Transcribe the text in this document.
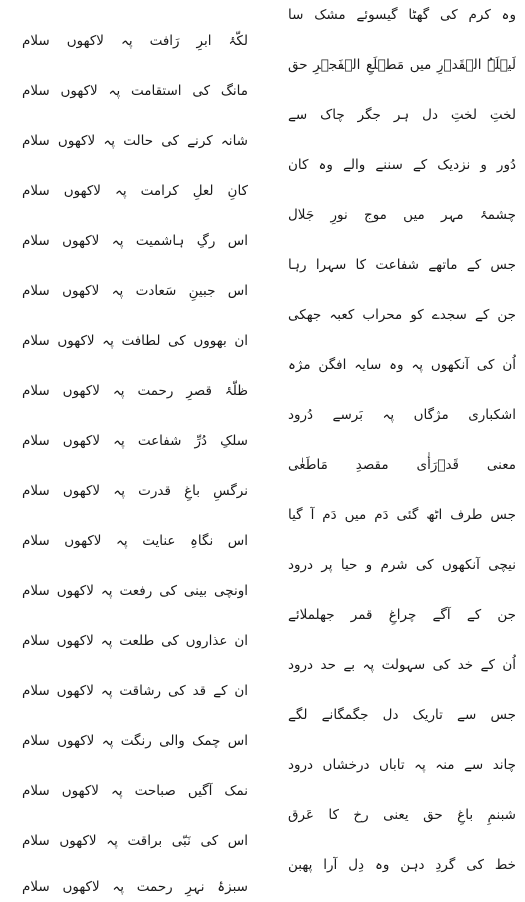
وہ کرم کی گھٹا گیسوئے مشک سا
لَیۡلَۃُ الۡقَدۡرِ میں مَطۡلَعِ الۡفَجۡرِ حق
لختِ لختِ دل ہر جگر چاک سے
دُور و نزدیک کے سننے والے وہ کان
چشمۂ مہر میں موج نورِ جَلال
جس کے ماتھے شفاعت کا سہرا رہا
جن کے سجدے کو محراب کعبہ جھکی
اُن کی آنکھوں پہ وہ سایہ افگن مژہ
اشکباری مژگاں پہ بَرسے دُرود
معنی قَدۡرَأٰی مقصدِ مَاطَغٰی
جس طرف اٹھ گئی دَم میں دَم آ گیا
نیچی آنکھوں کی شرم و حیا پر درود
جن کے آگے چراغِ قمر جھلملائے
اُن کے خد کی سہولت پہ بے حد درود
جس سے تاریک دل جگمگانے لگے
چاند سے منہ پہ تاباں درخشاں درود
شبنمِ باغِ حق یعنی رخ کا عَرق
خط کی گردِ دہن وہ دِل آرا پھبن
لکّۂ ابرِ رَافت پہ لاکھوں سلام
مانگ کی استقامت پہ لاکھوں سلام
شانہ کرنے کی حالت پہ لاکھوں سلام
کانِ لعلِ کرامت پہ لاکھوں سلام
اس رگِ ہاشمیت پہ لاکھوں سلام
اس جبینِ سَعادت پہ لاکھوں سلام
ان بھووں کی لطافت پہ لاکھوں سلام
ظلّۂ قصرِ رحمت پہ لاکھوں سلام
سلکِ دُرِّ شفاعت پہ لاکھوں سلام
نرگسِ باغِ قدرت پہ لاکھوں سلام
اس نگاہِ عنایت پہ لاکھوں سلام
اونچی بینی کی رفعت پہ لاکھوں سلام
ان عذاروں کی طلعت پہ لاکھوں سلام
ان کے قد کی رشاقت پہ لاکھوں سلام
اس چمک والی رنگت پہ لاکھوں سلام
نمک آگیں صباحت پہ لاکھوں سلام
اس کی نَبّی براقت پہ لاکھوں سلام
سبزۂ نہرِ رحمت پہ لاکھوں سلام
